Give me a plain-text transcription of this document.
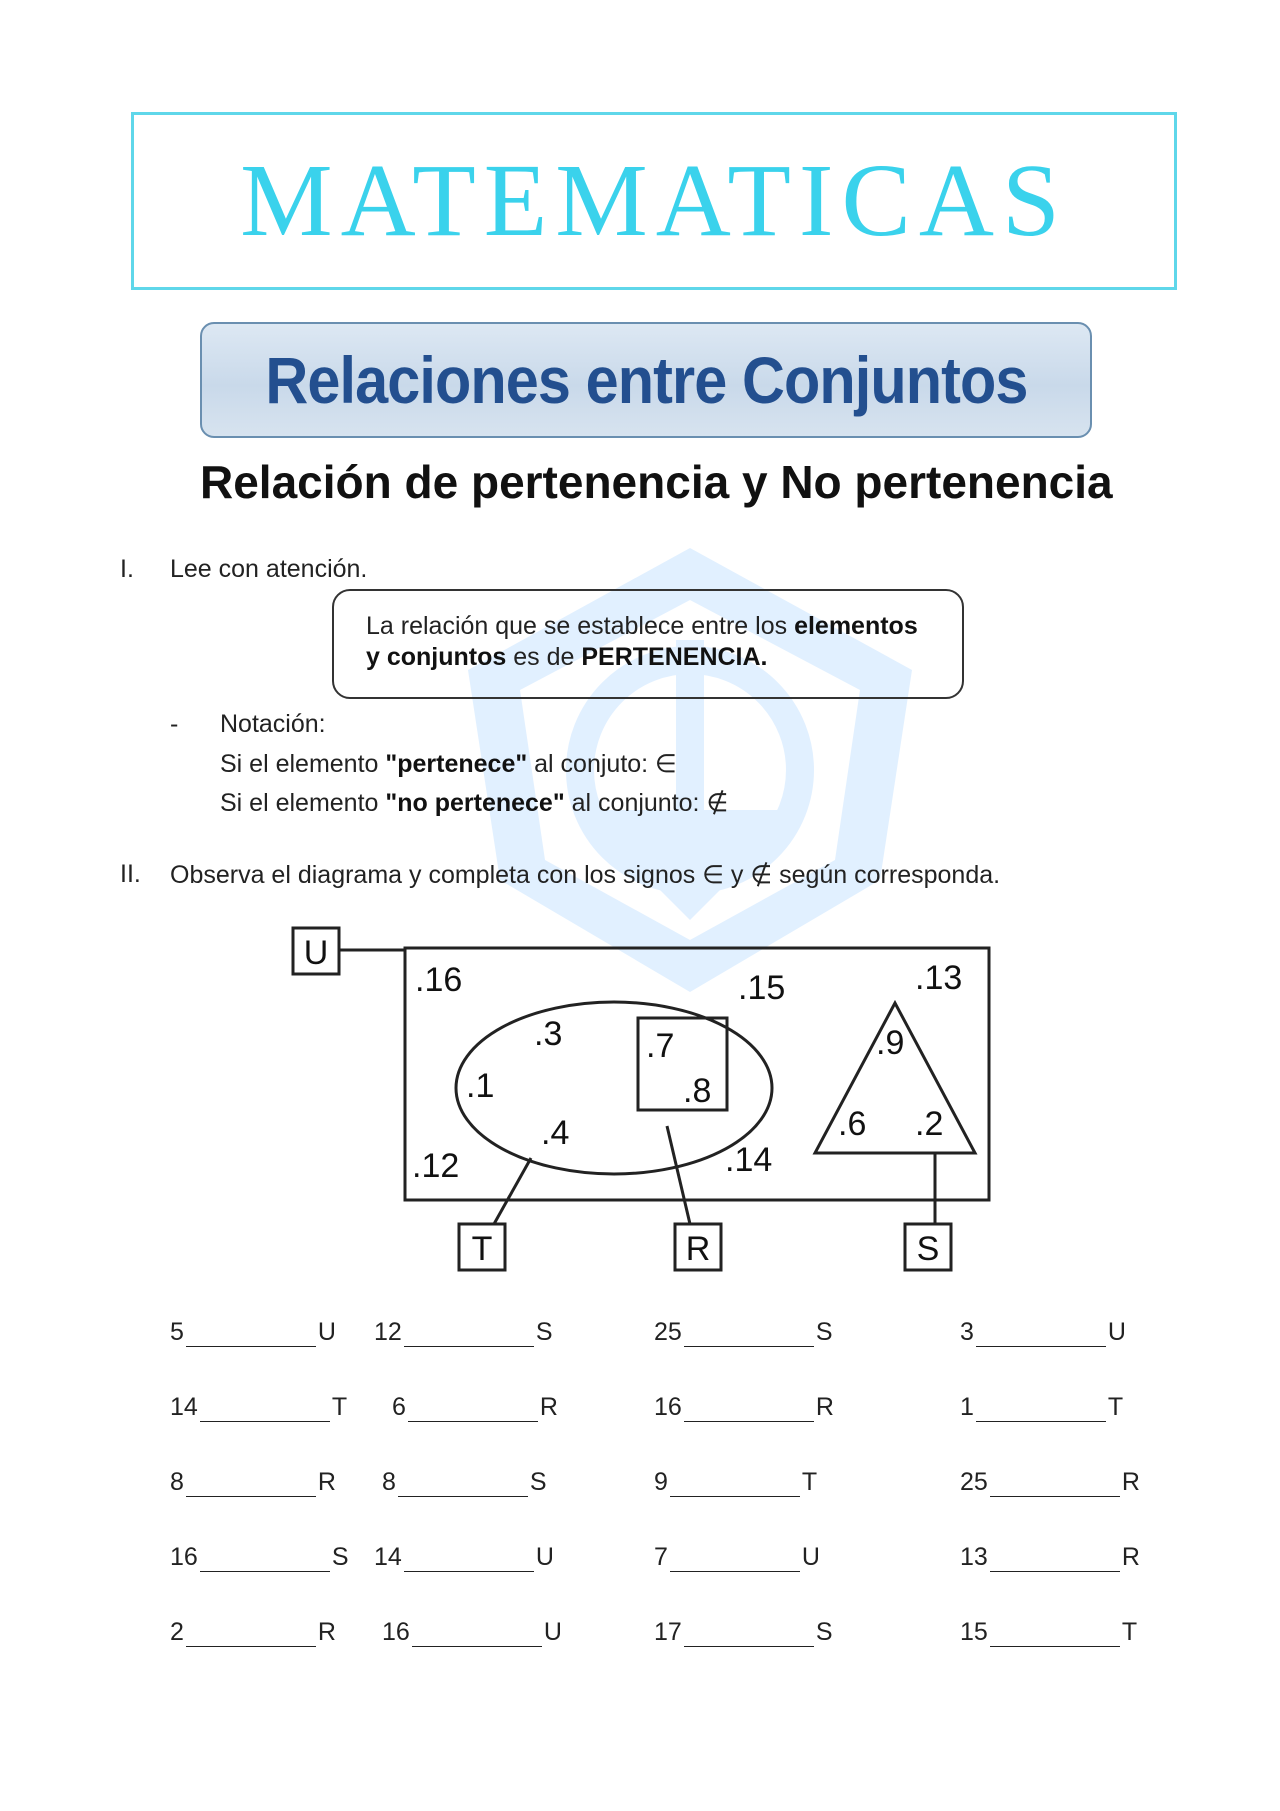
MATEMATICAS
Relaciones entre Conjuntos
Relación de pertenencia y No pertenencia
I. Lee con atención.
La relación que se establece entre los elementos
y conjuntos es de PERTENENCIA.
- Notación:
Si el elemento "pertenece" al conjuto: ∈
Si el elemento "no pertenece" al conjunto: ∉
II. Observa el diagrama y completa con los signos ∈ y ∉ según corresponda.
U
T	R	S
.16	.15	.13
.12	.14
.3
.1
.4
.7
.8
.9
.6 .2
5	U 12	S	25	S	3	U
14	T 6	R	16	R	1	T
8	R 8	S	9	T	25	R
16	S 14	U	7	U	13	R
2	R 16	U	17	S	15	T
